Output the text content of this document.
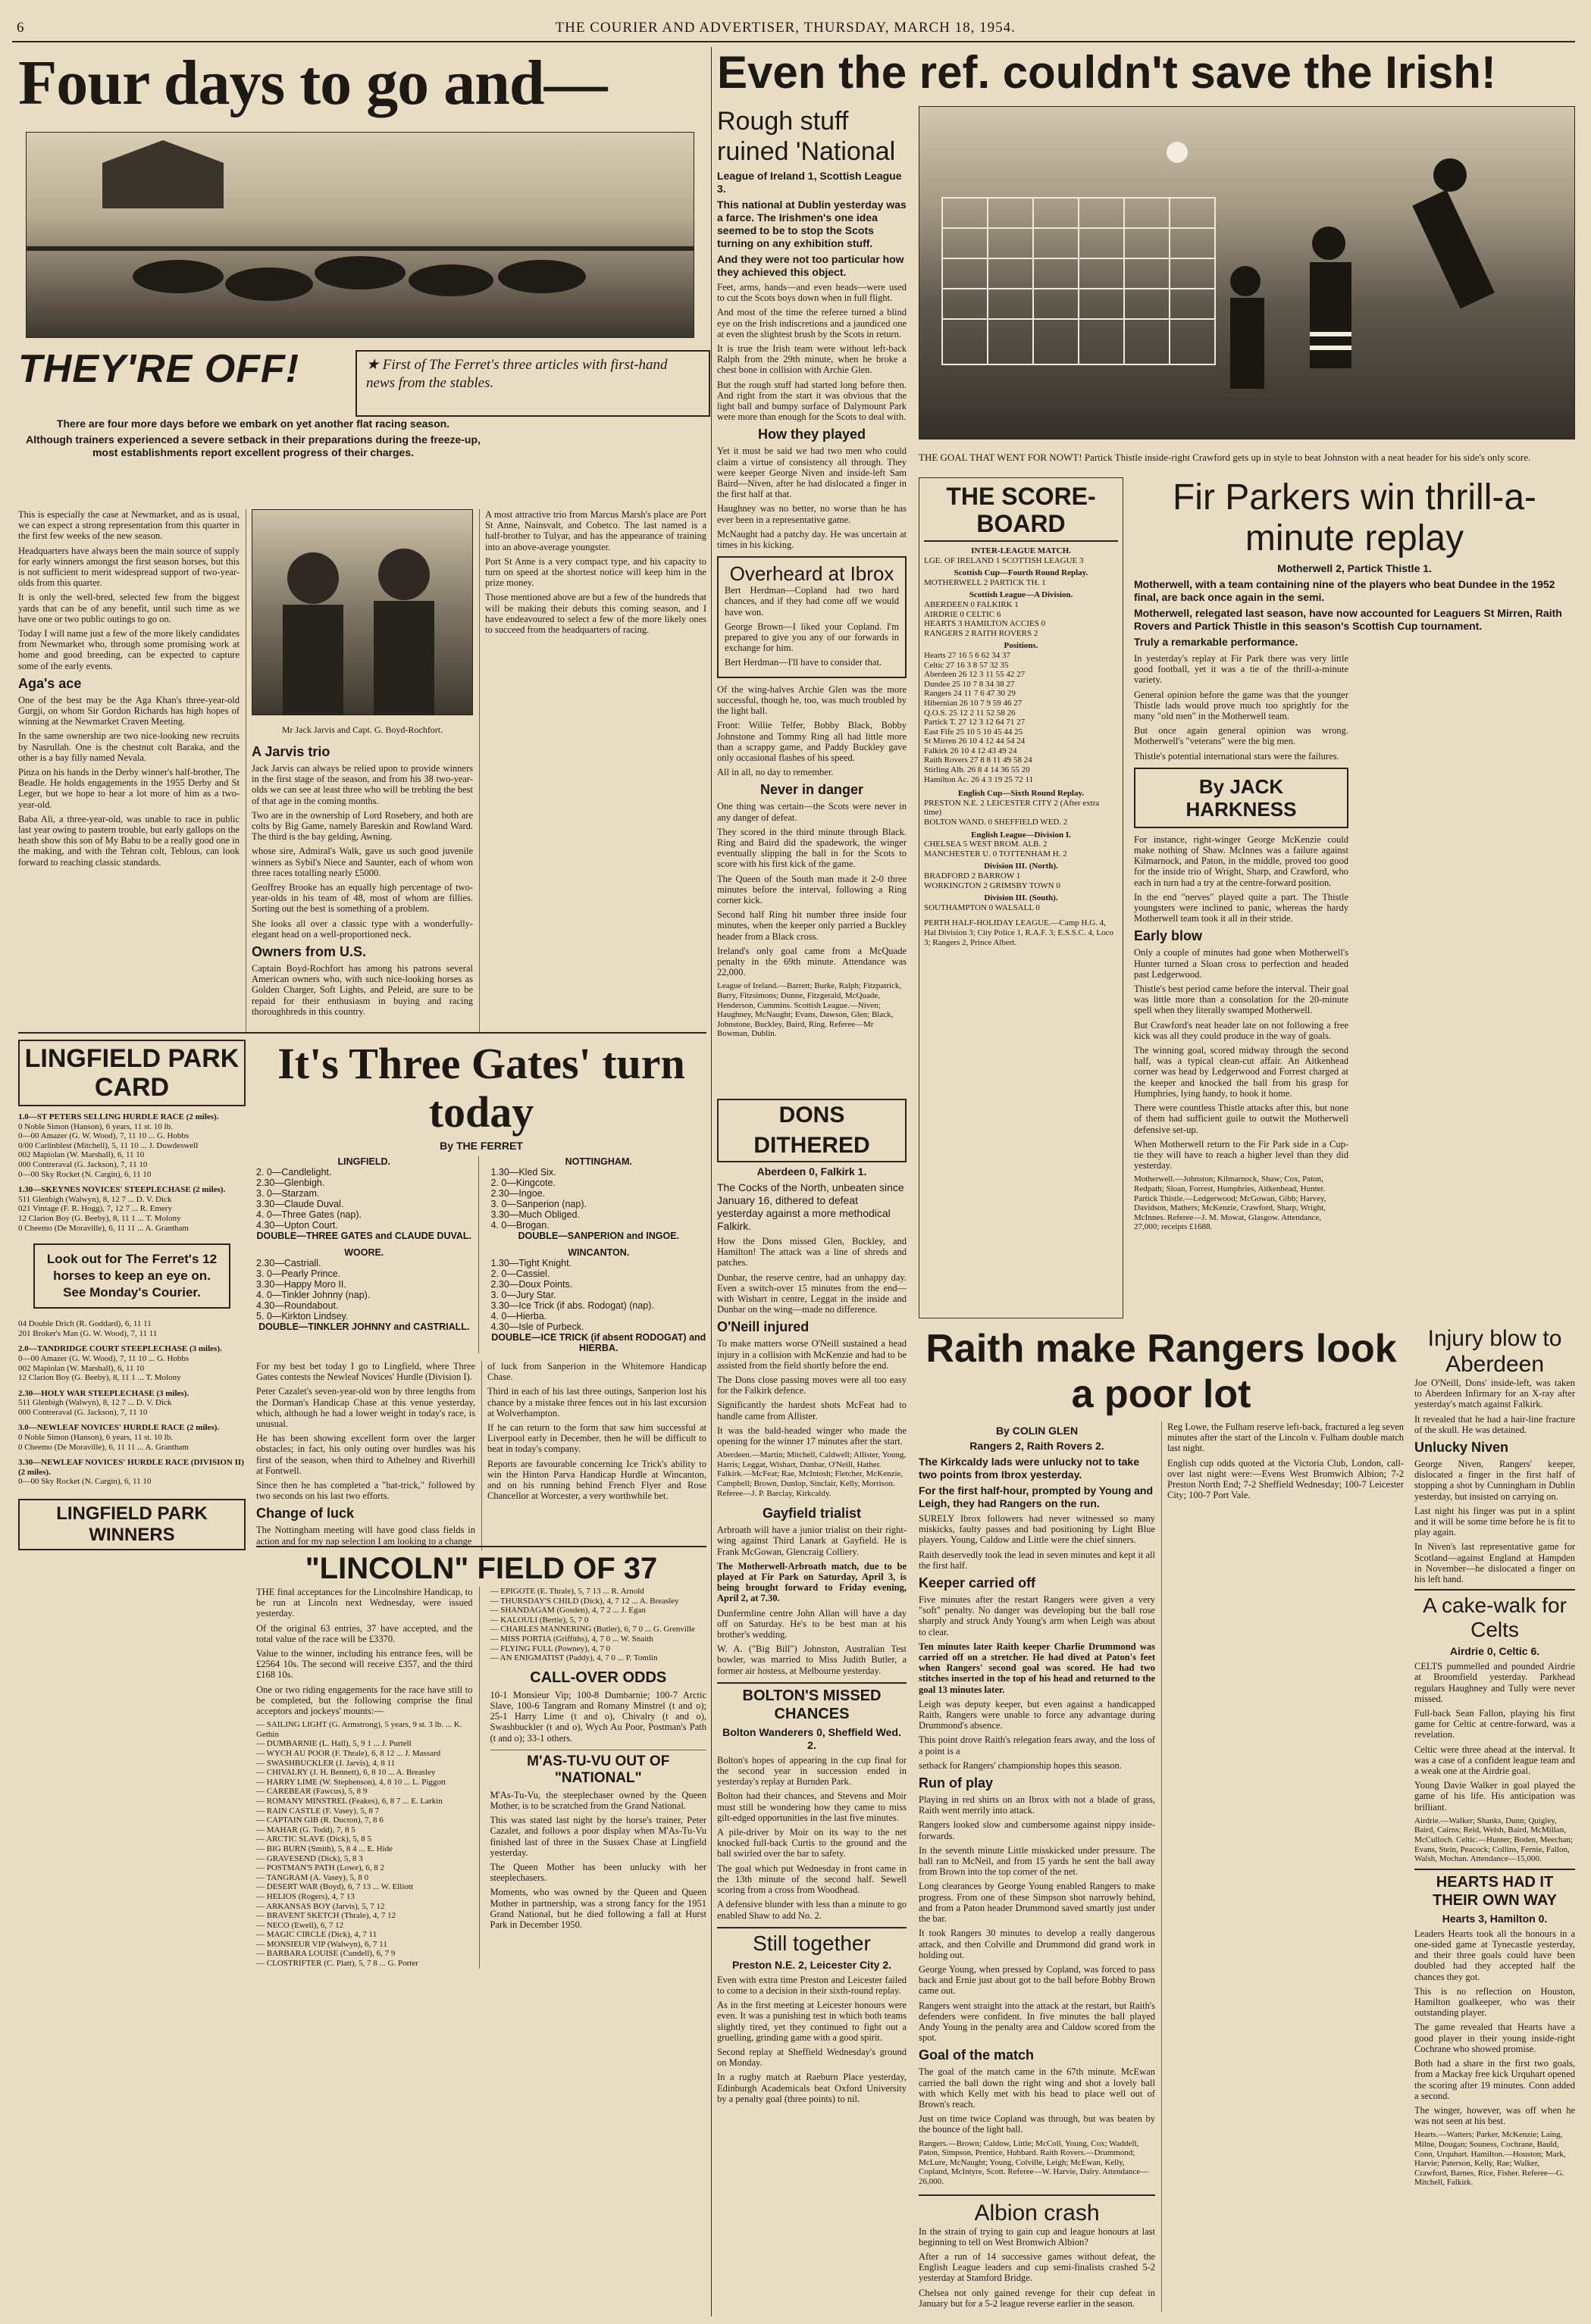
6	THE COURIER AND ADVERTISER, THURSDAY, MARCH 18, 1954.
Four days to go and—
THEY'RE OFF!	★ First of The Ferret's three articles with first-hand news from the stables.

There are four more days before we embark on yet another flat racing season.

Although trainers experienced a severe setback in their preparations during the freeze-up, most establishments report excellent progress of their charges.

This is especially the case at Newmarket, and as is usual, we can expect a strong representation from this quarter in the first few weeks of the new season.

Headquarters have always been the main source of supply for early winners amongst the first season horses, but this is not sufficient to merit widespread support of two-year-olds from this quarter.

It is only the well-bred, selected few from the biggest yards that can be of any benefit, until such time as we have one or two public outings to go on.

Today I will name just a few of the more likely candidates from Newmarket who, through some promising work at home and good breeding, can be expected to capture some of the early events.

Aga's ace

One of the best may be the Aga Khan's three-year-old Gurgji, on whom Sir Gordon Richards has high hopes of winning at the Newmarket Craven Meeting.

In the same ownership are two nice-looking new recruits by Nasrullah. One is the chestnut colt Baraka, and the other is a bay filly named Nevala.

Pinza on his hands in the Derby winner's half-brother, The Beadle. He holds engagements in the 1955 Derby and St Leger, but we hope to hear a lot more of him as a two-year-old.

Baba Ali, a three-year-old, was unable to race in public last year owing to pastern trouble, but early gallops on the heath show this son of My Babu to be a really good one in the making, and with the Tehran colt, Teblous, can look forward to reaching classic standards.

Mr Jack Jarvis and Capt. G. Boyd-Rochfort.

A Jarvis trio

Jack Jarvis can always be relied upon to provide winners in the first stage of the season, and from his 38 two-year-olds we can see at least three who will be trebling the best of that age in the coming months.

Two are in the ownership of Lord Rosebery, and both are colts by Big Game, namely Bareskin and Rowland Ward. The third is the bay gelding, Awning.

whose sire, Admiral's Walk, gave us such good juvenile winners as Sybil's Niece and Saunter, each of whom won three races totalling nearly £5000.

Geoffrey Brooke has an equally high percentage of two-year-olds in his team of 48, most of whom are fillies. Sorting out the best is something of a problem.

She looks all over a classic type with a wonderfully-elegant head on a well-proportioned neck.

Owners from U.S.

Captain Boyd-Rochfort has among his patrons several American owners who, with such nice-looking horses as Golden Charger, Soft Lights, and Peleid, are sure to be repaid for their enthusiasm in buying and racing thoroughbreds in this country.

A most attractive trio from Marcus Marsh's place are Port St Anne, Nainsvalt, and Cobetco. The last named is a half-brother to Tulyar, and has the appearance of training into an above-average youngster.

Port St Anne is a very compact type, and his capacity to turn on speed at the shortest notice will keep him in the prize money.

Those mentioned above are but a few of the hundreds that will be making their debuts this coming season, and I have endeavoured to select a few of the more likely ones to succeed from the headquarters of racing.

LINGFIELD PARK CARD

1.0—ST PETERS SELLING HURDLE RACE (2 miles).

0 Noble Simon (Hanson), 6 years, 11 st. 10 lb.

0—00 Amazer (G. W. Wood), 7, 11 10 ... G. Hobbs

0/00 Carlinblest (Mitchell), 5, 11 10 ... J. Dowdeswell

002 Mapiolan (W. Marshall), 6, 11 10

000 Contreraval (G. Jackson), 7, 11 10

0—00 Sky Rocket (N. Cargin), 6, 11 10

1.30—SKEYNES NOVICES' STEEPLECHASE (2 miles).

511 Glenbigh (Walwyn), 8, 12 7 ... D. V. Dick

021 Vintage (F. R. Hogg), 7, 12 7 ... R. Emery

12 Clarion Boy (G. Beeby), 8, 11 1 ... T. Molony

0 Cheemo (De Moraville), 6, 11 11 ... A. Grantham

Look out for The Ferret's 12 horses to keep an eye on. See Monday's Courier.

04 Double Drich (R. Goddard), 6, 11 11

201 Broker's Man (G. W. Wood), 7, 11 11

2.0—TANDRIDGE COURT STEEPLECHASE (3 miles).

0—00 Amazer (G. W. Wood), 7, 11 10 ... G. Hobbs

002 Mapiolan (W. Marshall), 6, 11 10

12 Clarion Boy (G. Beeby), 8, 11 1 ... T. Molony

2.30—HOLY WAR STEEPLECHASE (3 miles).

511 Glenbigh (Walwyn), 8, 12 7 ... D. V. Dick

000 Contreraval (G. Jackson), 7, 11 10

3.0—NEWLEAF NOVICES' HURDLE RACE (2 miles).

0 Noble Simon (Hanson), 6 years, 11 st. 10 lb.

0 Cheemo (De Moraville), 6, 11 11 ... A. Grantham

3.30—NEWLEAF NOVICES' HURDLE RACE (DIVISION II) (2 miles).

0—00 Sky Rocket (N. Cargin), 6, 11 10

LINGFIELD PARK WINNERS
It's Three Gates' turn today

By THE FERRET

LINGFIELD.

2. 0—Candlelight.

2.30—Glenbigh.

3. 0—Starzam.

3.30—Claude Duval.

4. 0—Three Gates (nap).

4.30—Upton Court.

DOUBLE—THREE GATES and CLAUDE DUVAL.

WOORE.

2.30—Castriall.

3. 0—Pearly Prince.

3.30—Happy Moro II.

4. 0—Tinkler Johnny (nap).

4.30—Roundabout.

5. 0—Kirkton Lindsey.

DOUBLE—TINKLER JOHNNY and CASTRIALL.

NOTTINGHAM.

1.30—Kled Six.

2. 0—Kingcote.

2.30—Ingoe.

3. 0—Sanperion (nap).

3.30—Much Obliged.

4. 0—Brogan.

DOUBLE—SANPERION and INGOE.

WINCANTON.

1.30—Tight Knight.

2. 0—Cassiel.

2.30—Doux Points.

3. 0—Jury Star.

3.30—Ice Trick (if abs. Rodogat) (nap).

4. 0—Hierba.

4.30—Isle of Purbeck.

DOUBLE—ICE TRICK (if absent RODOGAT) and HIERBA.

For my best bet today I go to Lingfield, where Three Gates contests the Newleaf Novices' Hurdle (Division I).

Peter Cazalet's seven-year-old won by three lengths from the Dorman's Handicap Chase at this venue yesterday, which, although he had a lower weight in today's race, is unusual.

He has been showing excellent form over the larger obstacles; in fact, his only outing over hurdles was his first of the season, when third to Athelney and Riverhill at Fontwell.

Since then he has completed a "hat-trick," followed by two seconds on his last two efforts.

Change of luck

The Nottingham meeting will have good class fields in action and for my nap selection I am looking to a change

of luck from Sanperion in the Whitemore Handicap Chase.

Third in each of his last three outings, Sanperion lost his chance by a mistake three fences out in his last excursion at Wolverhampton.

If he can return to the form that saw him successful at Liverpool early in December, then he will be difficult to beat in today's company.

Reports are favourable concerning Ice Trick's ability to win the Hinton Parva Handicap Hurdle at Wincanton, and on his running behind French Flyer and Rose Chancellor at Worcester, a very worthwhile bet.

"LINCOLN" FIELD OF 37

THE final acceptances for the Lincolnshire Handicap, to be run at Lincoln next Wednesday, were issued yesterday.

Of the original 63 entries, 37 have accepted, and the total value of the race will be £3370.

Value to the winner, including his entrance fees, will be £2564 10s. The second will receive £357, and the third £168 10s.

One or two riding engagements for the race have still to be completed, but the following comprise the final acceptors and jockeys' mounts:—

— SAILING LIGHT (G. Armstrong), 5 years, 9 st. 3 lb. ... K. Gethin

— DUMBARNIE (L. Hall), 5, 9 1 ... J. Purtell

— WYCH AU POOR (F. Thrale), 6, 8 12 ... J. Massard

— SWASHBUCKLER (J. Jarvis), 4, 8 11

— CHIVALRY (J. H. Bennett), 6, 8 10 ... A. Breasley

— HARRY LIME (W. Stephenson), 4, 8 10 ... L. Piggott

— CAREBEAR (Fawcus), 5, 8 9

— ROMANY MINSTREL (Feakes), 6, 8 7 ... E. Larkin

— RAIN CASTLE (F. Vasey), 5, 8 7

— CAPTAIN GIB (R. Ducton), 7, 8 6

— MAHAR (G. Todd), 7, 8 5

— ARCTIC SLAVE (Dick), 5, 8 5

— BIG BURN (Smith), 5, 8 4 ... E. Hide

— GRAVESEND (Dick), 5, 8 3

— POSTMAN'S PATH (Lowe), 6, 8 2

— TANGRAM (A. Vasey), 5, 8 0

— DESERT WAR (Boyd), 6, 7 13 ... W. Elliott

— HELIOS (Rogers), 4, 7 13

— ARKANSAS BOY (Jarvis), 5, 7 12

— BRAVENT SKETCH (Thrale), 4, 7 12

— NECO (Ewell), 6, 7 12

— MAGIC CIRCLE (Dick), 4, 7 11

— MONSIEUR VIP (Walwyn), 6, 7 11

— BARBARA LOUISE (Cundell), 6, 7 9

— CLOSTRIFTER (C. Platt), 5, 7 8 ... G. Porter

— EPIGOTE (E. Thrale), 5, 7 13 ... R. Arnold

— THURSDAY'S CHILD (Dick), 4, 7 12 ... A. Breasley

— SHANDAGAM (Gosden), 4, 7 2 ... J. Egan

— KALOULI (Bertie), 5, 7 0

— CHARLES MANNERING (Butler), 6, 7 0 ... G. Grenville

— MISS PORTIA (Griffiths), 4, 7 0 ... W. Snaith

— FLYING FULL (Powney), 4, 7 0

— AN ENIGMATIST (Paddy), 4, 7 0 ... P. Tomlin

CALL-OVER ODDS

10-1 Monsieur Vip; 100-8 Dumbarnie; 100-7 Arctic Slave, 100-6 Tangram and Romany Minstrel (t and o); 25-1 Harry Lime (t and o), Chivalry (t and o), Swashbuckler (t and o), Wych Au Poor, Postman's Path (t and o); 33-1 others.

M'AS-TU-VU OUT OF "NATIONAL"

M'As-Tu-Vu, the steeplechaser owned by the Queen Mother, is to be scratched from the Grand National.

This was stated last night by the horse's trainer, Peter Cazalet, and follows a poor display when M'As-Tu-Vu finished last of three in the Sussex Chase at Lingfield yesterday.

The Queen Mother has been unlucky with her steeplechasers.

Moments, who was owned by the Queen and Queen Mother in partnership, was a strong fancy for the 1951 Grand National, but he died following a fall at Hurst Park in December 1950.

Even the ref. couldn't save the Irish!
Rough stuff ruined 'National

League of Ireland 1, Scottish League 3.

This national at Dublin yesterday was a farce. The Irishmen's one idea seemed to be to stop the Scots turning on any exhibition stuff.

And they were not too particular how they achieved this object.

Feet, arms, hands—and even heads—were used to cut the Scots boys down when in full flight.

And most of the time the referee turned a blind eye on the Irish indiscretions and a jaundiced one at even the slightest brush by the Scots in return.

It is true the Irish team were without left-back Ralph from the 29th minute, when he broke a chest bone in collision with Archie Glen.

But the rough stuff had started long before then. And right from the start it was obvious that the light ball and bumpy surface of Dalymount Park were more than enough for the Scots to deal with.

How they played

Yet it must be said we had two men who could claim a virtue of consistency all through. They were keeper George Niven and inside-left Sam Baird—Niven, after he had dislocated a finger in the first half at that.

Haughney was no better, no worse than he has ever been in a representative game.

McNaught had a patchy day. He was uncertain at times in his kicking.

Overheard at Ibrox

Bert Herdman—Copland had two hard chances, and if they had come off we would have won.

George Brown—I liked your Copland. I'm prepared to give you any of our forwards in exchange for him.

Bert Herdman—I'll have to consider that.

Of the wing-halves Archie Glen was the more successful, though he, too, was much troubled by the light ball.

Front: Willie Telfer, Bobby Black, Bobby Johnstone and Tommy Ring all had little more than a scrappy game, and Paddy Buckley gave only occasional flashes of his speed.

All in all, no day to remember.

Never in danger

One thing was certain—the Scots were never in any danger of defeat.

They scored in the third minute through Black. Ring and Baird did the spadework, the winger eventually slipping the ball in for the Scots to score with his first kick of the game.

The Queen of the South man made it 2-0 three minutes before the interval, following a Ring corner kick.

Second half Ring hit number three inside four minutes, when the keeper only parried a Buckley header from a Black cross.

Ireland's only goal came from a McQuade penalty in the 69th minute. Attendance was 22,000.

League of Ireland.—Barrett; Burke, Ralph; Fitzpatrick, Barry, Fitzsimons; Dunne, Fitzgerald, McQuade, Henderson, Cummins. Scottish League.—Niven; Haughney, McNaught; Evans, Dawson, Glen; Black, Johnstone, Buckley, Baird, Ring. Referee—Mr Bowman, Dublin.

THE GOAL THAT WENT FOR NOWT! Partick Thistle inside-right Crawford gets up in style to beat Johnston with a neat header for his side's only score.

THE SCORE-BOARD

INTER-LEAGUE MATCH.

LGE. OF IRELAND 1 SCOTTISH LEAGUE 3

Scottish Cup—Fourth Round Replay.

MOTHERWELL 2 PARTICK TH. 1

Scottish League—A Division.

ABERDEEN 0 FALKIRK 1

AIRDRIE 0 CELTIC 6

HEARTS 3 HAMILTON ACCIES 0

RANGERS 2 RAITH ROVERS 2

Positions.

Hearts 27 16 5 6 62 34 37

Celtic 27 16 3 8 57 32 35

Aberdeen 26 12 3 11 55 42 27

Dundee 25 10 7 8 34 38 27

Rangers 24 11 7 6 47 30 29

Hibernian 26 10 7 9 59 46 27

Q.O.S. 25 12 2 11 52 58 26

Partick T. 27 12 3 12 64 71 27

East Fife 25 10 5 10 45 44 25

St Mirren 26 10 4 12 44 54 24

Falkirk 26 10 4 12 43 49 24

Raith Rovers 27 8 8 11 49 58 24

Stirling Alb. 26 8 4 14 36 55 20

Hamilton Ac. 26 4 3 19 25 72 11

English Cup—Sixth Round Replay.

PRESTON N.E. 2 LEICESTER CITY 2 (After extra time)

BOLTON WAND. 0 SHEFFIELD WED. 2

English League—Division I.

CHELSEA 5 WEST BROM. ALB. 2

MANCHESTER U. 0 TOTTENHAM H. 2

Division III. (North).

BRADFORD 2 BARROW 1

WORKINGTON 2 GRIMSBY TOWN 0

Division III. (South).

SOUTHAMPTON 0 WALSALL 0

PERTH HALF-HOLIDAY LEAGUE.—Camp H.G. 4, Hal Division 3; City Police 1, R.A.F. 3; E.S.S.C. 4, Loco 3; Rangers 2, Prince Albert.

Fir Parkers win thrill-a-minute replay

Motherwell 2, Partick Thistle 1.

Motherwell, with a team containing nine of the players who beat Dundee in the 1952 final, are back once again in the semi.

Motherwell, relegated last season, have now accounted for Leaguers St Mirren, Raith Rovers and Partick Thistle in this season's Scottish Cup tournament.

Truly a remarkable performance.

In yesterday's replay at Fir Park there was very little good football, yet it was a tie of the thrill-a-minute variety.

General opinion before the game was that the younger Thistle lads would prove much too sprightly for the many "old men" in the Motherwell team.

But once again general opinion was wrong. Motherwell's "veterans" were the big men.

Thistle's potential international stars were the failures.

By JACK HARKNESS

For instance, right-winger George McKenzie could make nothing of Shaw. McInnes was a failure against Kilmarnock, and Paton, in the middle, proved too good for the inside trio of Wright, Sharp, and Crawford, who each in turn had a try at the centre-forward position.

In the end "nerves" played quite a part. The Thistle youngsters were inclined to panic, whereas the hardy Motherwell team took it all in their stride.

Early blow

Only a couple of minutes had gone when Motherwell's Hunter turned a Sloan cross to perfection and headed past Ledgerwood.

Thistle's best period came before the interval. Their goal was little more than a consolation for the 20-minute spell when they literally swamped Motherwell.

But Crawford's neat header late on not following a free kick was all they could produce in the way of goals.

The winning goal, scored midway through the second half, was a typical clean-cut affair. An Aitkenhead corner was head by Ledgerwood and Forrest charged at the keeper and knocked the ball from his grasp for Humphries, lying handy, to hook it home.

There were countless Thistle attacks after this, but none of them had sufficient guile to outwit the Motherwell defensive set-up.

When Motherwell return to the Fir Park side in a Cup-tie they will have to reach a higher level than they did yesterday.

Motherwell.—Johnston; Kilmarnock, Shaw; Cox, Paton, Redpath; Sloan, Forrest, Humphries, Aitkenhead, Hunter. Partick Thistle.—Ledgerwood; McGowan, Gibb; Harvey, Davidson, Mathers; McKenzie, Crawford, Sharp, Wright, McInnes. Referee—J. M. Mowat, Glasgow. Attendance, 27,000; receipts £1688.

Raith make Rangers look a poor lot

By COLIN GLEN

Rangers 2, Raith Rovers 2.

The Kirkcaldy lads were unlucky not to take two points from Ibrox yesterday.

For the first half-hour, prompted by Young and Leigh, they had Rangers on the run.

SURELY Ibrox followers had never witnessed so many miskicks, faulty passes and bad positioning by Light Blue players. Young, Caldow and Little were the chief sinners.

Raith deservedly took the lead in seven minutes and kept it all the first half.

Keeper carried off

Five minutes after the restart Rangers were given a very "soft" penalty. No danger was developing but the ball rose sharply and struck Andy Young's arm when Leigh was about to clear.

Ten minutes later Raith keeper Charlie Drummond was carried off on a stretcher. He had dived at Paton's feet when Rangers' second goal was scored. He had two stitches inserted in the top of his head and returned to the goal 13 minutes later.

Leigh was deputy keeper, but even against a handicapped Raith, Rangers were unable to force any advantage during Drummond's absence.

This point drove Raith's relegation fears away, and the loss of a point is a

setback for Rangers' championship hopes this season.

Run of play

Playing in red shirts on an Ibrox with not a blade of grass, Raith went merrily into attack.

Rangers looked slow and cumbersome against nippy inside-forwards.

In the seventh minute Little misskicked under pressure. The ball ran to McNeil, and from 15 yards he sent the ball away from Brown into the top corner of the net.

Long clearances by George Young enabled Rangers to make progress. From one of these Simpson shot narrowly behind, and from a Paton header Drummond saved smartly just under the bar.

It took Rangers 30 minutes to develop a really dangerous attack, and then Colville and Drummond did grand work in holding out.

George Young, when pressed by Copland, was forced to pass back and Ernie just about got to the ball before Bobby Brown came out.

Rangers went straight into the attack at the restart, but Raith's defenders were confident. In five minutes the ball played Andy Young in the penalty area and Caldow scored from the spot.

Goal of the match

The goal of the match came in the 67th minute. McEwan carried the ball down the right wing and shot a lovely ball with which Kelly met with his head to place well out of Brown's reach.

Just on time twice Copland was through, but was beaten by the bounce of the light ball.

Rangers.—Brown; Caldow, Little; McColl, Young, Cox; Waddell, Paton, Simpson, Prentice, Hubbard. Raith Rovers.—Drummond; McLure, McNaught; Young, Colville, Leigh; McEwan, Kelly, Copland, McIntyre, Scott. Referee—W. Harvie, Dalry. Attendance—26,000.

Albion crash

In the strain of trying to gain cup and league honours at last beginning to tell on West Bromwich Albion?

After a run of 14 successive games without defeat, the English League leaders and cup semi-finalists crashed 5-2 yesterday at Stamford Bridge.

Chelsea not only gained revenge for their cup defeat in January but for a 5-2 league reverse earlier in the season.

Reg Lowe, the Fulham reserve left-back, fractured a leg seven minutes after the start of the Lincoln v. Fulham double match last night.

English cup odds quoted at the Victoria Club, London, call-over last night were:—Evens West Bromwich Albion; 7-2 Preston North End; 7-2 Sheffield Wednesday; 100-7 Leicester City; 100-7 Port Vale.

DONS DITHERED

Aberdeen 0, Falkirk 1.

The Cocks of the North, unbeaten since January 16, dithered to defeat yesterday against a more methodical Falkirk.

How the Dons missed Glen, Buckley, and Hamilton! The attack was a line of shreds and patches.

Dunbar, the reserve centre, had an unhappy day. Even a switch-over 15 minutes from the end—with Wishart in centre, Leggat in the inside and Dunbar on the wing—made no difference.

O'Neill injured

To make matters worse O'Neill sustained a head injury in a collision with McKenzie and had to be assisted from the field shortly before the end.

The Dons close passing moves were all too easy for the Falkirk defence.

Significantly the hardest shots McFeat had to handle came from Allister.

It was the bald-headed winger who made the opening for the winner 17 minutes after the start.

Aberdeen.—Martin; Mitchell, Caldwell; Allister, Young, Harris; Leggat, Wishart, Dunbar, O'Neill, Hather. Falkirk.—McFeat; Rae, McIntosh; Fletcher, McKenzie, Campbell; Brown, Dunlop, Sinclair, Kelly, Morrison. Referee—J. P. Barclay, Kirkcaldy.

Gayfield trialist

Arbroath will have a junior trialist on their right-wing against Third Lanark at Gayfield. He is Frank McGowan, Glencraig Colliery.

The Motherwell-Arbroath match, due to be played at Fir Park on Saturday, April 3, is being brought forward to Friday evening, April 2, at 7.30.

Dunfermline centre John Allan will have a day off on Saturday. He's to be best man at his brother's wedding.

W. A. ("Big Bill") Johnston, Australian Test bowler, was married to Miss Judith Butler, a former air hostess, at Melbourne yesterday.

BOLTON'S MISSED CHANCES

Bolton Wanderers 0, Sheffield Wed. 2.

Bolton's hopes of appearing in the cup final for the second year in succession ended in yesterday's replay at Burnden Park.

Bolton had their chances, and Stevens and Moir must still be wondering how they came to miss gilt-edged opportunities in the last five minutes.

A pile-driver by Moir on its way to the net knocked full-back Curtis to the ground and the ball swirled over the bar to safety.

The goal which put Wednesday in front came in the 13th minute of the second half. Sewell scoring from a cross from Woodhead.

A defensive blunder with less than a minute to go enabled Shaw to add No. 2.

Still together

Preston N.E. 2, Leicester City 2.

Even with extra time Preston and Leicester failed to come to a decision in their sixth-round replay.

As in the first meeting at Leicester honours were even. It was a punishing test in which both teams slightly tired, yet they continued to fight out a gruelling, grinding game with a good spirit.

Second replay at Sheffield Wednesday's ground on Monday.

In a rugby match at Raeburn Place yesterday, Edinburgh Academicals beat Oxford University by a penalty goal (three points) to nil.

Injury blow to Aberdeen

Joe O'Neill, Dons' inside-left, was taken to Aberdeen Infirmary for an X-ray after yesterday's match against Falkirk.

It revealed that he had a hair-line fracture of the skull. He was detained.

Unlucky Niven

George Niven, Rangers' keeper, dislocated a finger in the first half of stopping a shot by Cunningham in Dublin yesterday, but insisted on carrying on.

Last night his finger was put in a splint and it will be some time before he is fit to play again.

In Niven's last representative game for Scotland—against England at Hampden in November—he dislocated a finger on his left hand.

A cake-walk for Celts

Airdrie 0, Celtic 6.

CELTS pummelled and pounded Airdrie at Broomfield yesterday. Parkhead regulars Haughney and Tully were never missed.

Full-back Sean Fallon, playing his first game for Celtic at centre-forward, was a revelation.

Celtic were three ahead at the interval. It was a case of a confident league team and a weak one at the Airdrie goal.

Young Davie Walker in goal played the game of his life. His anticipation was brilliant.

Airdrie.—Walker; Shanks, Dunn; Quigley, Baird, Cairns; Reid, Welsh, Baird, McMillan, McCulloch. Celtic.—Hunter; Boden, Meechan; Evans, Stein, Peacock; Collins, Fernie, Fallon, Walsh, Mochan. Attendance—15,000.

HEARTS HAD IT THEIR OWN WAY

Hearts 3, Hamilton 0.

Leaders Hearts took all the honours in a one-sided game at Tynecastle yesterday, and their three goals could have been doubled had they accepted half the chances they got.

This is no reflection on Houston, Hamilton goalkeeper, who was their outstanding player.

The game revealed that Hearts have a good player in their young inside-right Cochrane who showed promise.

Both had a share in the first two goals, from a Mackay free kick Urquhart opened the scoring after 19 minutes. Conn added a second.

The winger, however, was off when he was not seen at his best.

Hearts.—Watters; Parker, McKenzie; Laing, Milne, Dougan; Souness, Cochrane, Bauld, Conn, Urquhart. Hamilton.—Houston; Mark, Harvie; Paterson, Kelly, Rae; Walker, Crawford, Barnes, Rice, Fisher. Referee—G. Mitchell, Falkirk.
